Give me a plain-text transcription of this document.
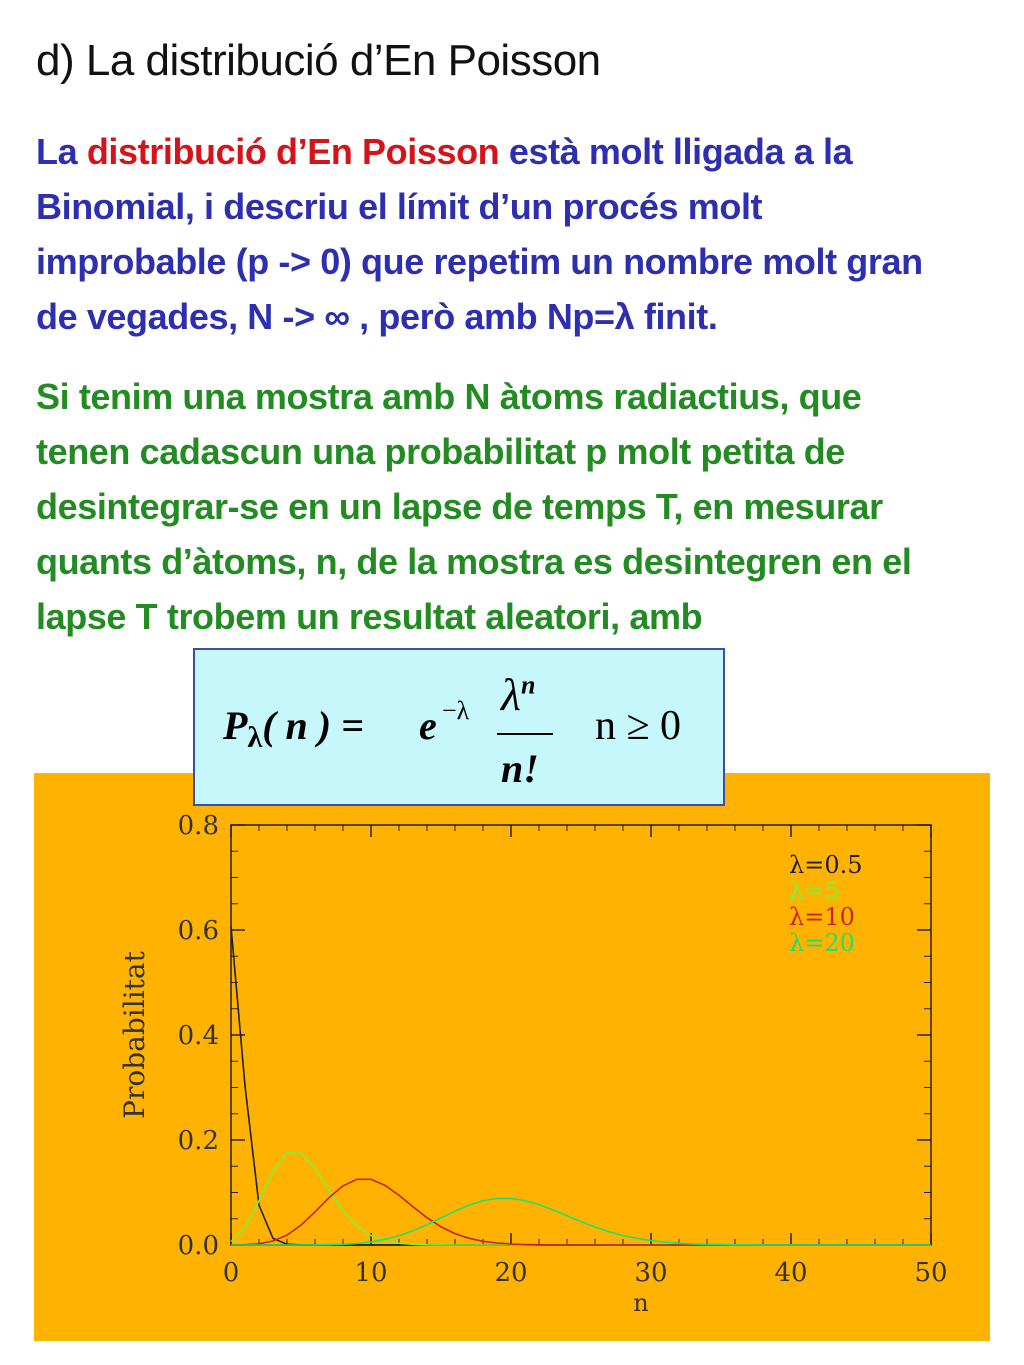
d) La distribució d’En Poisson
La distribució d’En Poisson està molt lligada a la
Binomial, i descriu el límit d’un procés molt
improbable (p -> 0) que repetim un nombre molt gran
de vegades, N -> ∞ , però amb Np=λ finit.
Si tenim una mostra amb N àtoms radiactius, que
tenen cadascun una probabilitat p molt petita de
desintegrar-se en un lapse de temps T, en mesurar
quants d’àtoms, n, de la mostra es desintegren en el
lapse T trobem un resultat aleatori, amb
0	10	20	30	40	50
0.0
0.2
0.4
0.6
0.8
n
Probabilitat
λ=0.5
λ=5
λ=10
λ=20
$P_\lambda$( n ) = e −λ $\lambda^n$
n!
n ≥ 0
